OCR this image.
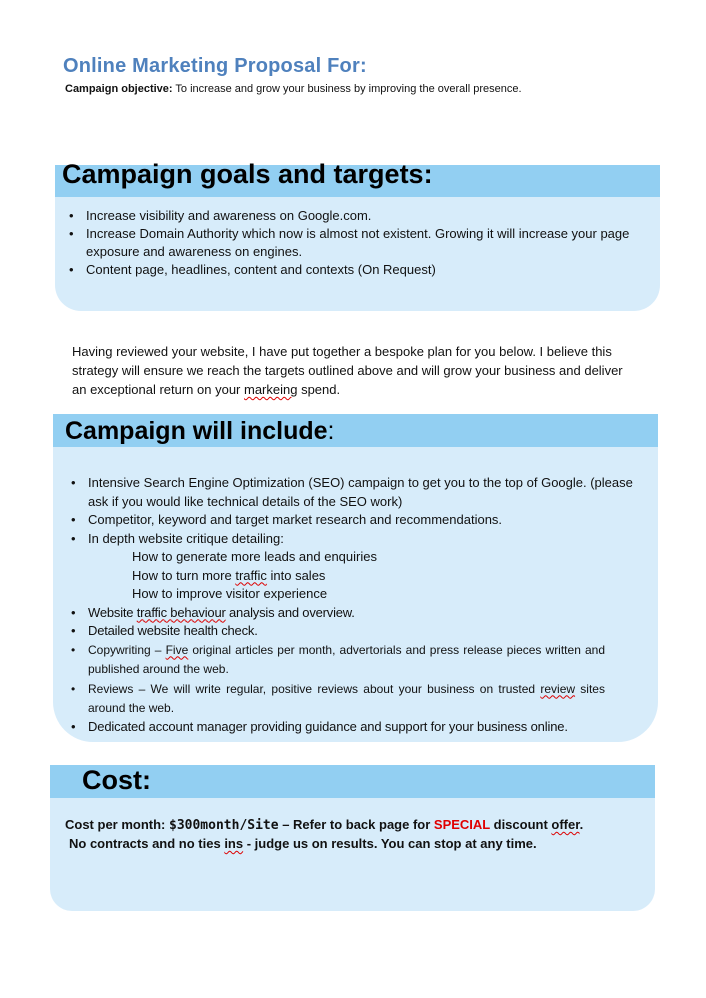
Online Marketing Proposal For:
Campaign objective: To increase and grow your business by improving the overall presence.
Campaign goals and targets:
• Increase visibility and awareness on Google.com.
• Increase Domain Authority which now is almost not existent. Growing it will increase your page exposure and awareness on engines.
• Content page, headlines, content and contexts (On Request)

Having reviewed your website, I have put together a bespoke plan for you below. I believe this strategy will ensure we reach the targets outlined above and will grow your business and deliver an exceptional return on your markeing spend.

Campaign will include:
• Intensive Search Engine Optimization (SEO) campaign to get you to the top of Google. (please ask if you would like technical details of the SEO work)
• Competitor, keyword and target market research and recommendations.
• In depth website critique detailing:
How to generate more leads and enquiries
How to turn more traffic into sales
How to improve visitor experience
• Website traffic behaviour analysis and overview.
• Detailed website health check.
• Copywriting – Five original articles per month, advertorials and press release pieces written and published around the web.
• Reviews – We will write regular, positive reviews about your business on trusted review sites around the web.
• Dedicated account manager providing guidance and support for your business online.
Cost:
Cost per month: $300month/Site – Refer to back page for SPECIAL discount offer.
No contracts and no ties ins - judge us on results. You can stop at any time.
